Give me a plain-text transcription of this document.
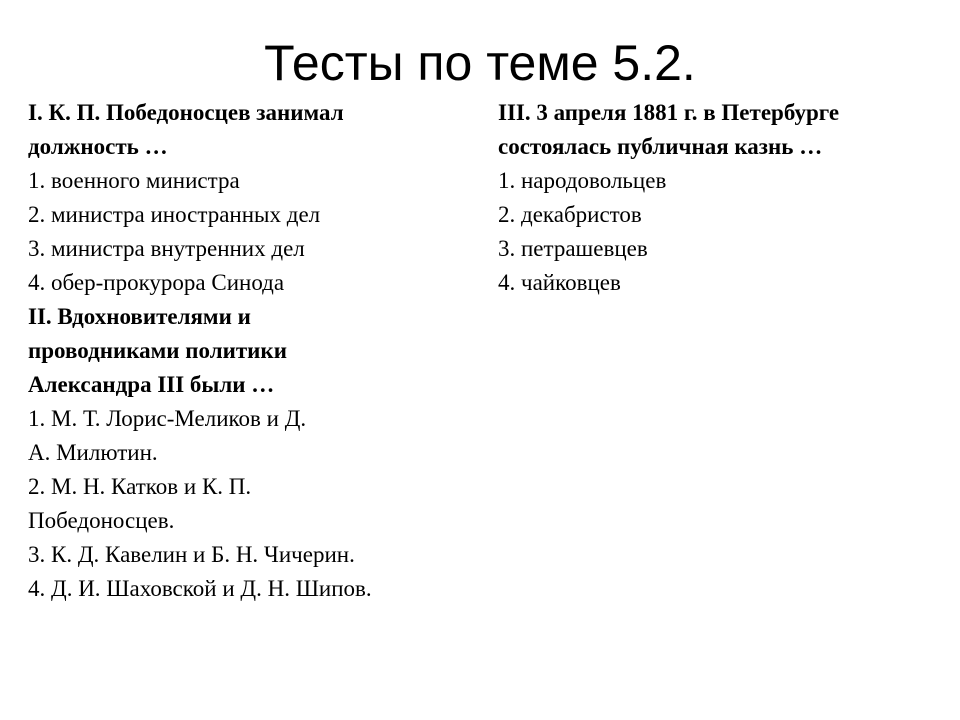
Тесты по теме 5.2.
I. К. П. Победоносцев занимал должность …
1. военного министра
2. министра иностранных дел
3. министра внутренних дел
4. обер-прокурора Синода
II. Вдохновителями и проводниками политики Александра III были …
1. М. Т. Лорис-Меликов и Д. А. Милютин.
2. М. Н. Катков и К. П. Победоносцев.
3. К. Д. Кавелин и Б. Н. Чичерин.
4. Д. И. Шаховской и Д. Н. Шипов.
III. 3 апреля 1881 г. в Петербурге состоялась публичная казнь …
1. народовольцев
2. декабристов
3. петрашевцев
4. чайковцев
